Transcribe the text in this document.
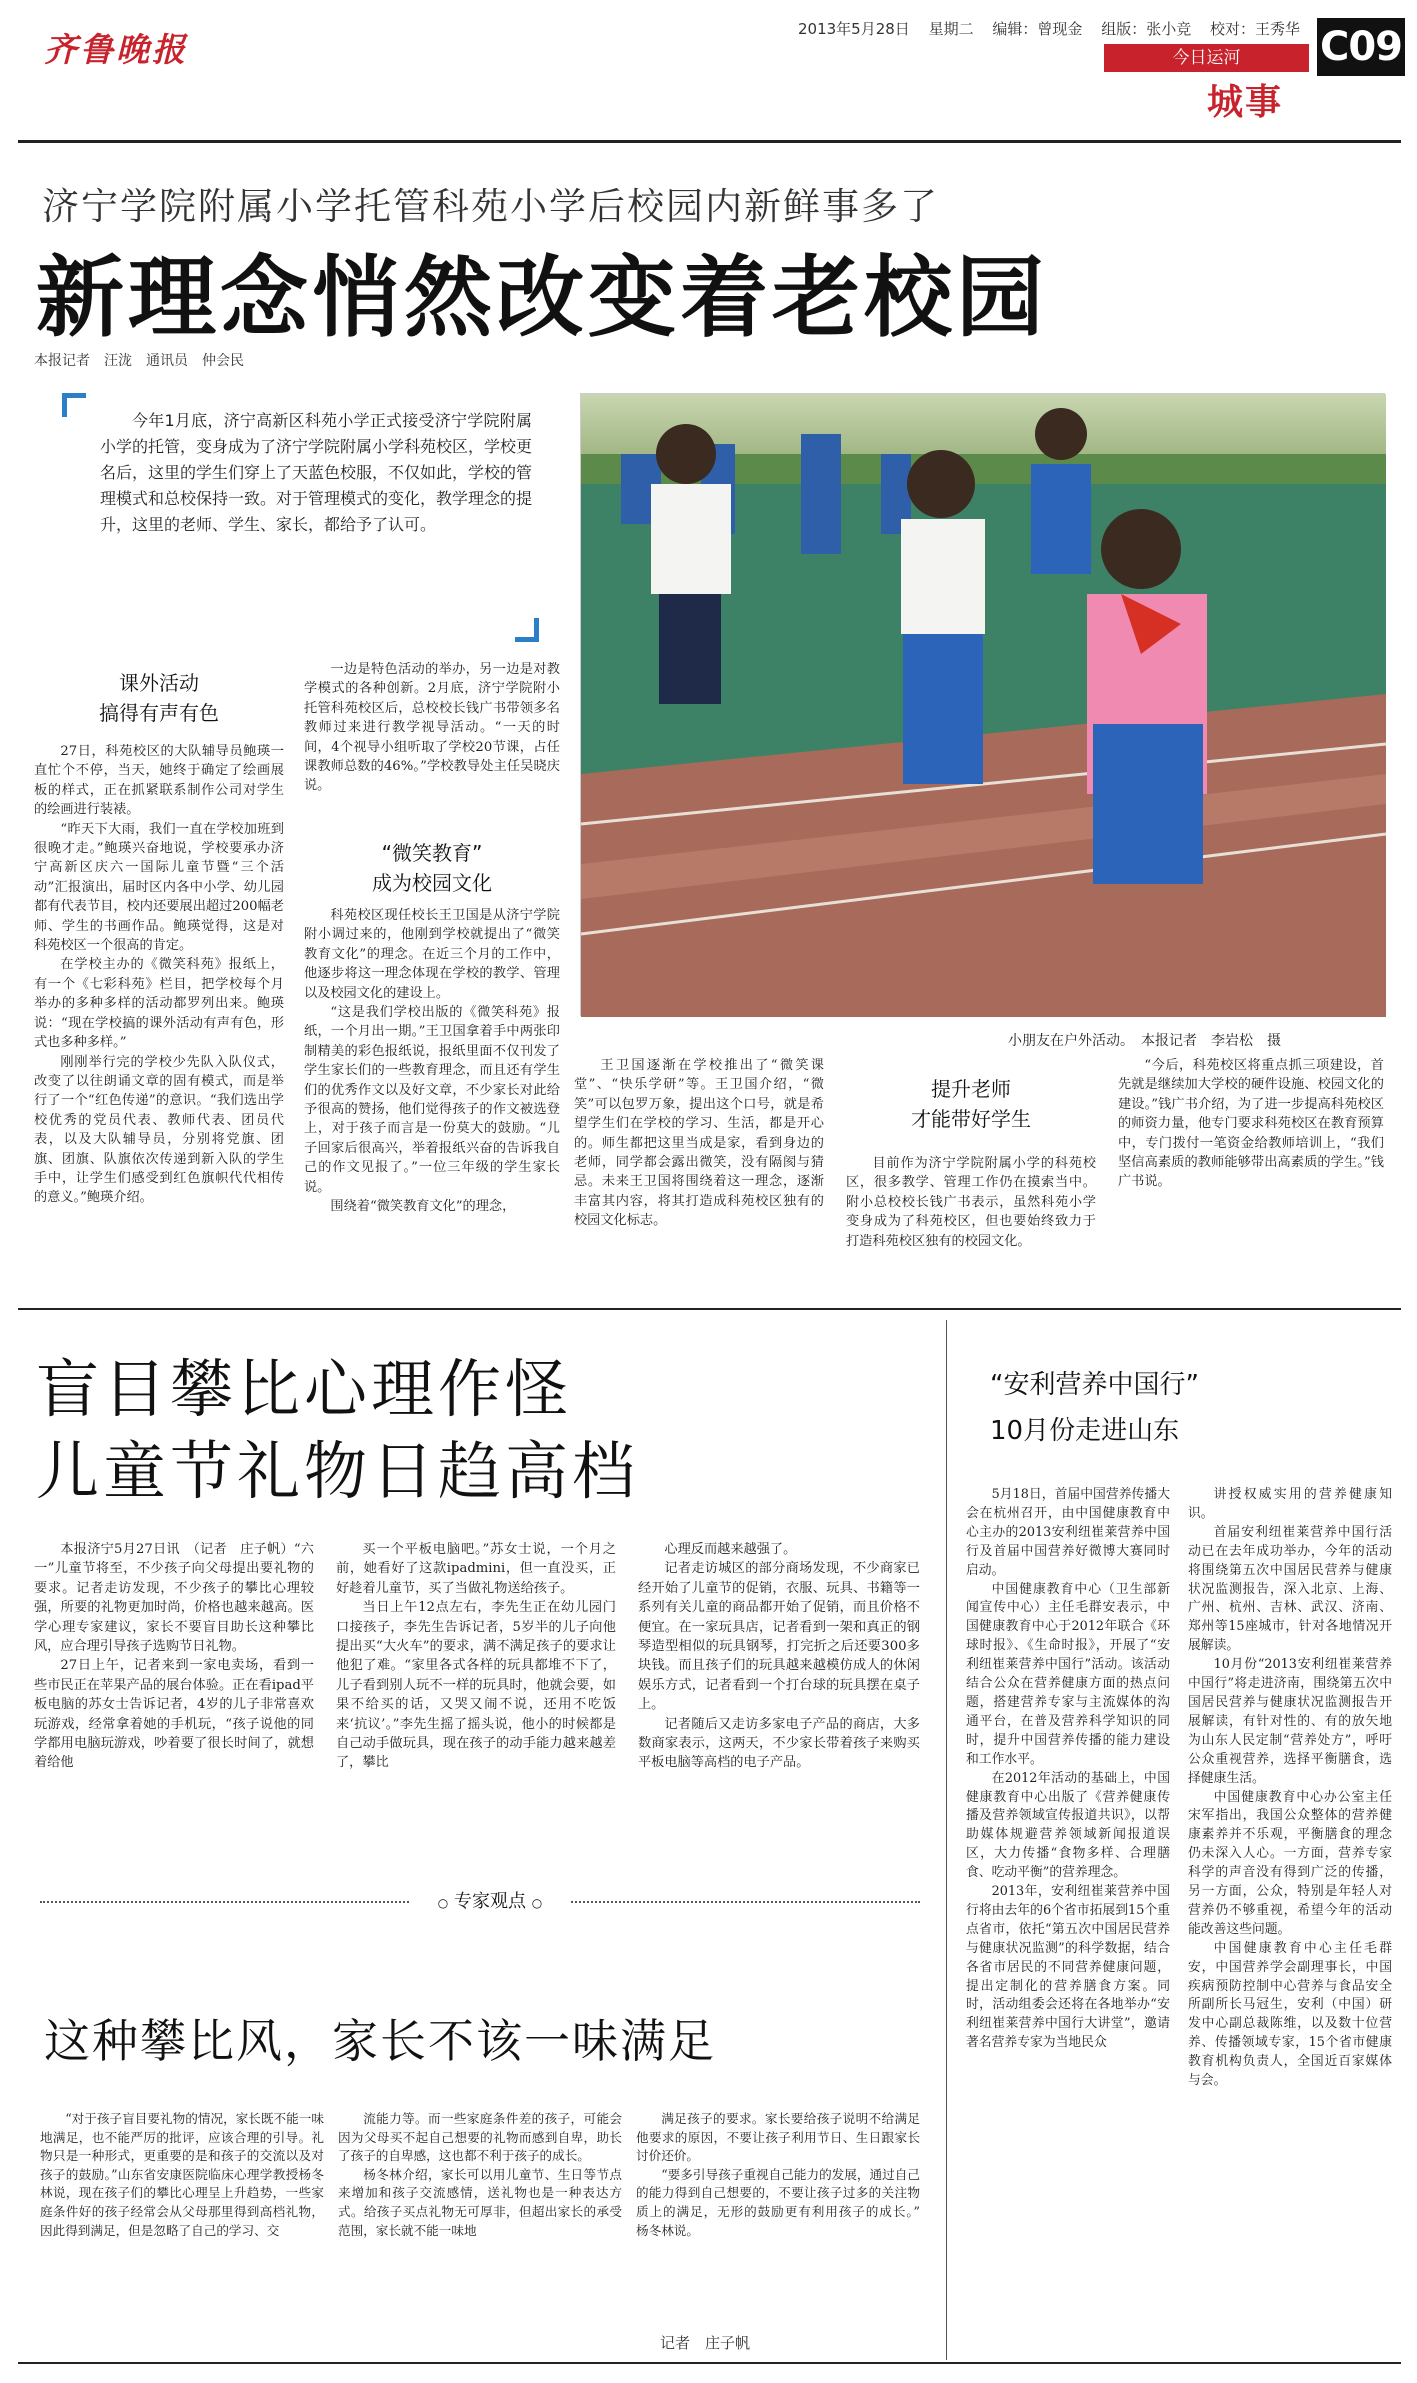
齐鲁晚报
2013年5月28日 星期二 编辑：曾现金 组版：张小竞 校对：王秀华
今日运河
城事
C09
济宁学院附属小学托管科苑小学后校园内新鲜事多了
新理念悄然改变着老校园
本报记者　汪泷　通讯员　仲会民

今年1月底，济宁高新区科苑小学正式接受济宁学院附属小学的托管，变身成为了济宁学院附属小学科苑校区，学校更名后，这里的学生们穿上了天蓝色校服，不仅如此，学校的管理模式和总校保持一致。对于管理模式的变化，教学理念的提升，这里的老师、学生、家长，都给予了认可。

课外活动
搞得有声有色

27日，科苑校区的大队辅导员鲍瑛一直忙个不停，当天，她终于确定了绘画展板的样式，正在抓紧联系制作公司对学生的绘画进行装裱。

“昨天下大雨，我们一直在学校加班到很晚才走。”鲍瑛兴奋地说，学校要承办济宁高新区庆六一国际儿童节暨“三个活动”汇报演出，届时区内各中小学、幼儿园都有代表节目，校内还要展出超过200幅老师、学生的书画作品。鲍瑛觉得，这是对科苑校区一个很高的肯定。

在学校主办的《微笑科苑》报纸上，有一个《七彩科苑》栏目，把学校每个月举办的多种多样的活动都罗列出来。鲍瑛说：“现在学校搞的课外活动有声有色，形式也多种多样。”

刚刚举行完的学校少先队入队仪式，改变了以往朗诵文章的固有模式，而是举行了一个“红色传递”的意识。“我们选出学校优秀的党员代表、教师代表、团员代表，以及大队辅导员，分别将党旗、团旗、团旗、队旗依次传递到新入队的学生手中，让学生们感受到红色旗帜代代相传的意义。”鲍瑛介绍。

一边是特色活动的举办，另一边是对教学模式的各种创新。2月底，济宁学院附小托管科苑校区后，总校校长钱广书带领多名教师过来进行教学视导活动。“一天的时间，4个视导小组听取了学校20节课，占任课教师总数的46%。”学校教导处主任吴晓庆说。

“微笑教育”
成为校园文化

科苑校区现任校长王卫国是从济宁学院附小调过来的，他刚到学校就提出了“微笑教育文化”的理念。在近三个月的工作中，他逐步将这一理念体现在学校的教学、管理以及校园文化的建设上。

“这是我们学校出版的《微笑科苑》报纸，一个月出一期。”王卫国拿着手中两张印制精美的彩色报纸说，报纸里面不仅刊发了学生家长们的一些教育理念，而且还有学生们的优秀作文以及好文章，不少家长对此给予很高的赞扬，他们觉得孩子的作文被选登上，对于孩子而言是一份莫大的鼓励。“儿子回家后很高兴，举着报纸兴奋的告诉我自己的作文见报了。”一位三年级的学生家长说。

围绕着“微笑教育文化”的理念，

小朋友在户外活动。　本报记者　李岩松　摄

王卫国逐渐在学校推出了“微笑课堂”、“快乐学研”等。王卫国介绍，“微笑”可以包罗万象，提出这个口号，就是希望学生们在学校的学习、生活，都是开心的。师生都把这里当成是家，看到身边的老师，同学都会露出微笑，没有隔阂与猜忌。未来王卫国将围绕着这一理念，逐渐丰富其内容，将其打造成科苑校区独有的校园文化标志。

提升老师
才能带好学生

目前作为济宁学院附属小学的科苑校区，很多教学、管理工作仍在摸索当中。附小总校校长钱广书表示，虽然科苑小学变身成为了科苑校区，但也要始终致力于打造科苑校区独有的校园文化。

“今后，科苑校区将重点抓三项建设，首先就是继续加大学校的硬件设施、校园文化的建设。”钱广书介绍，为了进一步提高科苑校区的师资力量，他专门要求科苑校区在教育预算中，专门拨付一笔资金给教师培训上，“我们坚信高素质的教师能够带出高素质的学生。”钱广书说。

盲目攀比心理作怪
儿童节礼物日趋高档

本报济宁5月27日讯　（记者　庄子帆）“六一”儿童节将至，不少孩子向父母提出要礼物的要求。记者走访发现，不少孩子的攀比心理较强，所要的礼物更加时尚，价格也越来越高。医学心理专家建议，家长不要盲目助长这种攀比风，应合理引导孩子选购节日礼物。

27日上午，记者来到一家电卖场，看到一些市民正在苹果产品的展台体验。正在看ipad平板电脑的苏女士告诉记者，4岁的儿子非常喜欢玩游戏，经常拿着她的手机玩，“孩子说他的同学都用电脑玩游戏，吵着要了很长时间了，就想着给他

买一个平板电脑吧。”苏女士说，一个月之前，她看好了这款ipadmini，但一直没买，正好趁着儿童节，买了当做礼物送给孩子。

当日上午12点左右，李先生正在幼儿园门口接孩子，李先生告诉记者，5岁半的儿子向他提出买“大火车”的要求，满不满足孩子的要求让他犯了难。“家里各式各样的玩具都堆不下了，儿子看到别人玩不一样的玩具时，他就会要，如果不给买的话，又哭又闹不说，还用不吃饭来‘抗议’。”李先生摇了摇头说，他小的时候都是自己动手做玩具，现在孩子的动手能力越来越差了，攀比

心理反而越来越强了。

记者走访城区的部分商场发现，不少商家已经开始了儿童节的促销，衣服、玩具、书籍等一系列有关儿童的商品都开始了促销，而且价格不便宜。在一家玩具店，记者看到一架和真正的钢琴造型相似的玩具钢琴，打完折之后还要300多块钱。而且孩子们的玩具越来越模仿成人的休闲娱乐方式，记者看到一个打台球的玩具摆在桌子上。

记者随后又走访多家电子产品的商店，大多数商家表示，这两天，不少家长带着孩子来购买平板电脑等高档的电子产品。

○ 专家观点 ○
这种攀比风，家长不该一味满足

“对于孩子盲目要礼物的情况，家长既不能一味地满足，也不能严厉的批评，应该合理的引导。礼物只是一种形式，更重要的是和孩子的交流以及对孩子的鼓励。”山东省安康医院临床心理学教授杨冬林说，现在孩子们的攀比心理呈上升趋势，一些家庭条件好的孩子经常会从父母那里得到高档礼物，因此得到满足，但是忽略了自己的学习、交

流能力等。而一些家庭条件差的孩子，可能会因为父母买不起自己想要的礼物而感到自卑，助长了孩子的自卑感，这也都不利于孩子的成长。

杨冬林介绍，家长可以用儿童节、生日等节点来增加和孩子交流感情，送礼物也是一种表达方式。给孩子买点礼物无可厚非，但超出家长的承受范围，家长就不能一味地

满足孩子的要求。家长要给孩子说明不给满足他要求的原因，不要让孩子利用节日、生日跟家长讨价还价。

“要多引导孩子重视自己能力的发展，通过自己的能力得到自己想要的，不要让孩子过多的关注物质上的满足，无形的鼓励更有利用孩子的成长。”　杨冬林说。

记者　庄子帆
“安利营养中国行”
10月份走进山东

5月18日，首届中国营养传播大会在杭州召开，由中国健康教育中心主办的2013安利纽崔莱营养中国行及首届中国营养好微博大赛同时启动。

中国健康教育中心（卫生部新闻宣传中心）主任毛群安表示，中国健康教育中心于2012年联合《环球时报》、《生命时报》，开展了“安利纽崔莱营养中国行”活动。该活动结合公众在营养健康方面的热点问题，搭建营养专家与主流媒体的沟通平台，在普及营养科学知识的同时，提升中国营养传播的能力建设和工作水平。

在2012年活动的基础上，中国健康教育中心出版了《营养健康传播及营养领域宣传报道共识》，以帮助媒体规避营养领域新闻报道误区，大力传播“食物多样、合理膳食、吃动平衡”的营养理念。

2013年，安利纽崔莱营养中国行将由去年的6个省市拓展到15个重点省市，依托“第五次中国居民营养与健康状况监测”的科学数据，结合各省市居民的不同营养健康问题，提出定制化的营养膳食方案。同时，活动组委会还将在各地举办“安利纽崔莱营养中国行大讲堂”，邀请著名营养专家为当地民众

讲授权威实用的营养健康知识。

首届安利纽崔莱营养中国行活动已在去年成功举办，今年的活动将围绕第五次中国居民营养与健康状况监测报告，深入北京、上海、广州、杭州、吉林、武汉、济南、郑州等15座城市，针对各地情况开展解读。

10月份“2013安利纽崔莱营养中国行”将走进济南，围绕第五次中国居民营养与健康状况监测报告开展解读，有针对性的、有的放矢地为山东人民定制“营养处方”，呼吁公众重视营养，选择平衡膳食，选择健康生活。

中国健康教育中心办公室主任宋军指出，我国公众整体的营养健康素养并不乐观，平衡膳食的理念仍未深入人心。一方面，营养专家科学的声音没有得到广泛的传播，另一方面，公众，特别是年轻人对营养仍不够重视，希望今年的活动能改善这些问题。

中国健康教育中心主任毛群安，中国营养学会副理事长，中国疾病预防控制中心营养与食品安全所副所长马冠生，安利（中国）研发中心副总裁陈维，以及数十位营养、传播领域专家，15个省市健康教育机构负责人，全国近百家媒体与会。
